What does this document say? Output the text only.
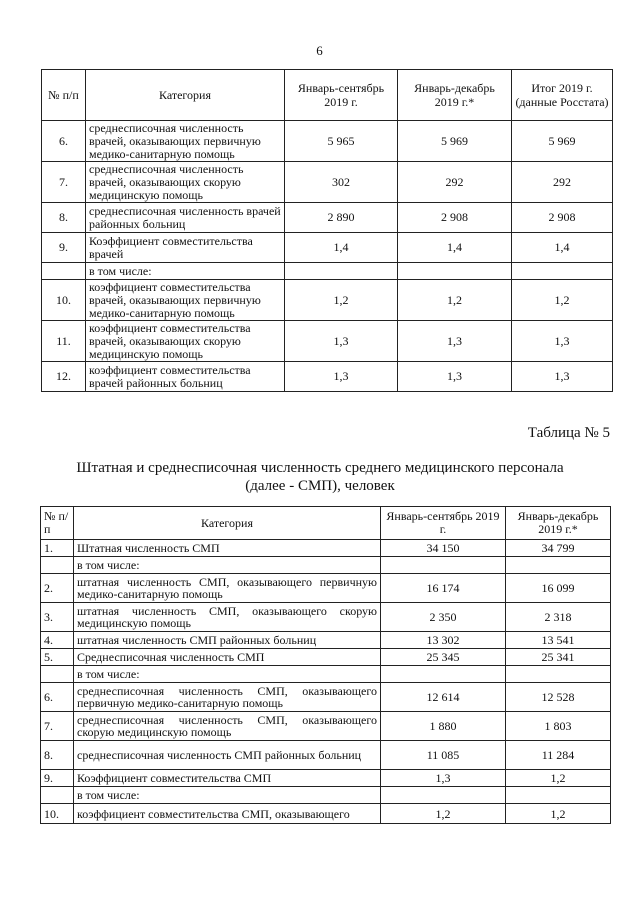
6
№ п/п	Категория	Январь-сентябрь 2019 г.	Январь-декабрь 2019 г.*	Итог 2019 г. (данные Росстата)
6.	среднесписочная численность врачей, оказывающих первичную медико-санитарную помощь	5 965	5 969	5 969
7.	среднесписочная численность врачей, оказывающих скорую медицинскую помощь	302	292	292
8.	среднесписочная численность врачей районных больниц	2 890	2 908	2 908
9.	Коэффициент совместительства врачей	1,4	1,4	1,4
	в том числе:			
10.	коэффициент совместительства врачей, оказывающих первичную медико-санитарную помощь	1,2	1,2	1,2
11.	коэффициент совместительства врачей, оказывающих скорую медицинскую помощь	1,3	1,3	1,3
12.	коэффициент совместительства врачей районных больниц	1,3	1,3	1,3
Таблица № 5
Штатная и среднесписочная численность среднего медицинского персонала (далее - СМП), человек
№ п/п	Категория	Январь-сентябрь 2019 г.	Январь-декабрь 2019 г.*
1.	Штатная численность СМП	34 150	34 799
	в том числе:		
2.	штатная численность СМП, оказывающего первичную медико-санитарную помощь	16 174	16 099
3.	штатная численность СМП, оказывающего скорую медицинскую помощь	2 350	2 318
4.	штатная численность СМП районных больниц	13 302	13 541
5.	Среднесписочная численность СМП	25 345	25 341
	в том числе:		
6.	среднесписочная численность СМП, оказывающего первичную медико-санитарную помощь	12 614	12 528
7.	среднесписочная численность СМП, оказывающего скорую медицинскую помощь	1 880	1 803
8.	среднесписочная численность СМП районных больниц	11 085	11 284
9.	Коэффициент совместительства СМП	1,3	1,2
	в том числе:		
10.	коэффициент совместительства СМП, оказывающего	1,2	1,2
